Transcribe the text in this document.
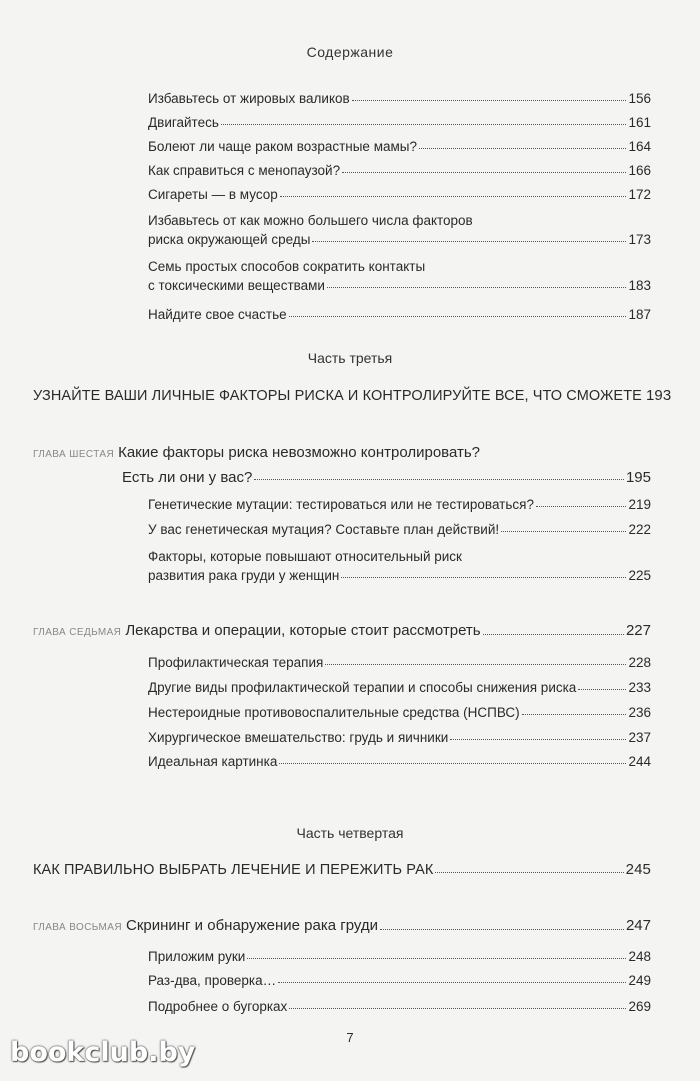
Содержание
Избавьтесь от жировых валиков	156
Двигайтесь	161
Болеют ли чаще раком возрастные мамы?	164
Как справиться с менопаузой?	166
Сигареты — в мусор	172
Избавьтесь от как можно большего числа факторов
риска окружающей среды	173
Семь простых способов сократить контакты
с токсическими веществами	183
Найдите свое счастье	187
Часть третья
УЗНАЙТЕ ВАШИ ЛИЧНЫЕ ФАКТОРЫ РИСКА И КОНТРОЛИРУЙТЕ ВСЕ, ЧТО СМОЖЕТЕ 193
ГЛАВА ШЕСТАЯ Какие факторы риска невозможно контролировать?
Есть ли они у вас?	195
Генетические мутации: тестироваться или не тестироваться?	219
У вас генетическая мутация? Составьте план действий!	222
Факторы, которые повышают относительный риск
развития рака груди у женщин	225
ГЛАВА СЕДЬМАЯ Лекарства и операции, которые стоит рассмотреть	227
Профилактическая терапия	228
Другие виды профилактической терапии и способы снижения риска	233
Нестероидные противовоспалительные средства (НСПВС)	236
Хирургическое вмешательство: грудь и яичники	237
Идеальная картинка	244
Часть четвертая
КАК ПРАВИЛЬНО ВЫБРАТЬ ЛЕЧЕНИЕ И ПЕРЕЖИТЬ РАК	245
ГЛАВА ВОСЬМАЯ Скрининг и обнаружение рака груди	247
Приложим руки	248
Раз-два, проверка…	249
Подробнее о бугорках	269
7
bookclub.by
